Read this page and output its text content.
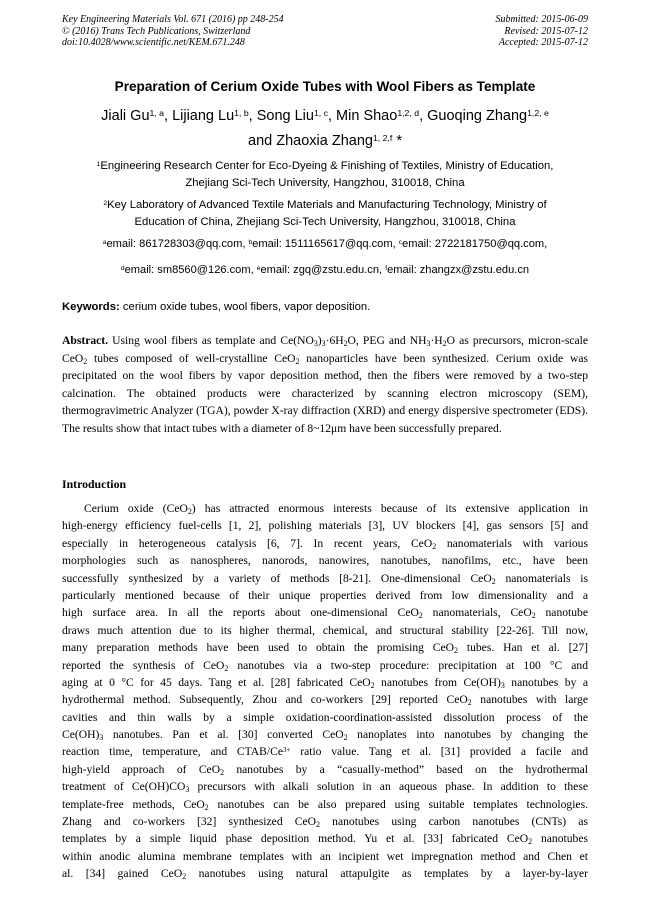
Key Engineering Materials Vol. 671 (2016) pp 248-254
© (2016) Trans Tech Publications, Switzerland
doi:10.4028/www.scientific.net/KEM.671.248
Submitted: 2015-06-09
Revised: 2015-07-12
Accepted: 2015-07-12
Preparation of Cerium Oxide Tubes with Wool Fibers as Template
Jiali Gu$^{1, a}$, Lijiang Lu$^{1, b}$, Song Liu$^{1, c}$, Min Shao$^{1,2, d}$, Guoqing Zhang$^{1,2, e}$
and Zhaoxia Zhang$^{1, 2,f}$ *
$^1$Engineering Research Center for Eco-Dyeing & Finishing of Textiles, Ministry of Education,
Zhejiang Sci-Tech University, Hangzhou, 310018, China
$^2$Key Laboratory of Advanced Textile Materials and Manufacturing Technology, Ministry of
Education of China, Zhejiang Sci-Tech University, Hangzhou, 310018, China
$^a$email: 861728303@qq.com, $^b$email: 1511165617@qq.com, $^c$email: 2722181750@qq.com,
$^d$email: sm8560@126.com, $^e$email: zgq@zstu.edu.cn, $^f$email: zhangzx@zstu.edu.cn
Keywords: cerium oxide tubes, wool fibers, vapor deposition.
Abstract. Using wool fibers as template and $Ce(NO_3)_3\cdot 6H_2O$, PEG and $NH_3\cdot H_2O$ as precursors, micron-scale CeO$_2$ tubes composed of well-crystalline CeO$_2$ nanoparticles have been synthesized. Cerium oxide was precipitated on the wool fibers by vapor deposition method, then the fibers were removed by a two-step calcination. The obtained products were characterized by scanning electron microscopy (SEM), thermogravimetric Analyzer (TGA), powder X-ray diffraction (XRD) and energy dispersive spectrometer (EDS). The results show that intact tubes with a diameter of 8~12μm have been successfully prepared.
Introduction
Cerium oxide (CeO$_2$) has attracted enormous interests because of its extensive application in
high-energy efficiency fuel-cells [1, 2], polishing materials [3], UV blockers [4], gas sensors [5] and
especially in heterogeneous catalysis [6, 7]. In recent years, CeO$_2$ nanomaterials with various
morphologies such as nanospheres, nanorods, nanowires, nanotubes, nanofilms, etc., have been
successfully synthesized by a variety of methods [8-21]. One-dimensional CeO$_2$ nanomaterials is
particularly mentioned because of their unique properties derived from low dimensionality and a
high surface area. In all the reports about one-dimensional CeO$_2$ nanomaterials, CeO$_2$ nanotube
draws much attention due to its higher thermal, chemical, and structural stability [22-26]. Till now,
many preparation methods have been used to obtain the promising CeO$_2$ tubes. Han et al. [27]
reported the synthesis of CeO$_2$ nanotubes via a two-step procedure: precipitation at 100 °C and
aging at 0 °C for 45 days. Tang et al. [28] fabricated CeO$_2$ nanotubes from $Ce(OH)_3$ nanotubes by a
hydrothermal method. Subsequently, Zhou and co-workers [29] reported CeO$_2$ nanotubes with large
cavities and thin walls by a simple oxidation-coordination-assisted dissolution process of the
$Ce(OH)_3$ nanotubes. Pan et al. [30] converted CeO$_2$ nanoplates into nanotubes by changing the
reaction time, temperature, and CTAB/$Ce^{3+}$ ratio value. Tang et al. [31] provided a facile and
high-yield approach of CeO$_2$ nanotubes by a “casually-method” based on the hydrothermal
treatment of $Ce(OH)CO_3$ precursors with alkali solution in an aqueous phase. In addition to these
template-free methods, CeO$_2$ nanotubes can be also prepared using suitable templates technologies.
Zhang and co-workers [32] synthesized CeO$_2$ nanotubes using carbon nanotubes (CNTs) as
templates by a simple liquid phase deposition method. Yu et al. [33] fabricated CeO$_2$ nanotubes
within anodic alumina membrane templates with an incipient wet impregnation method and Chen et
al. [34] gained CeO$_2$ nanotubes using natural attapulgite as templates by a layer-by-layer
